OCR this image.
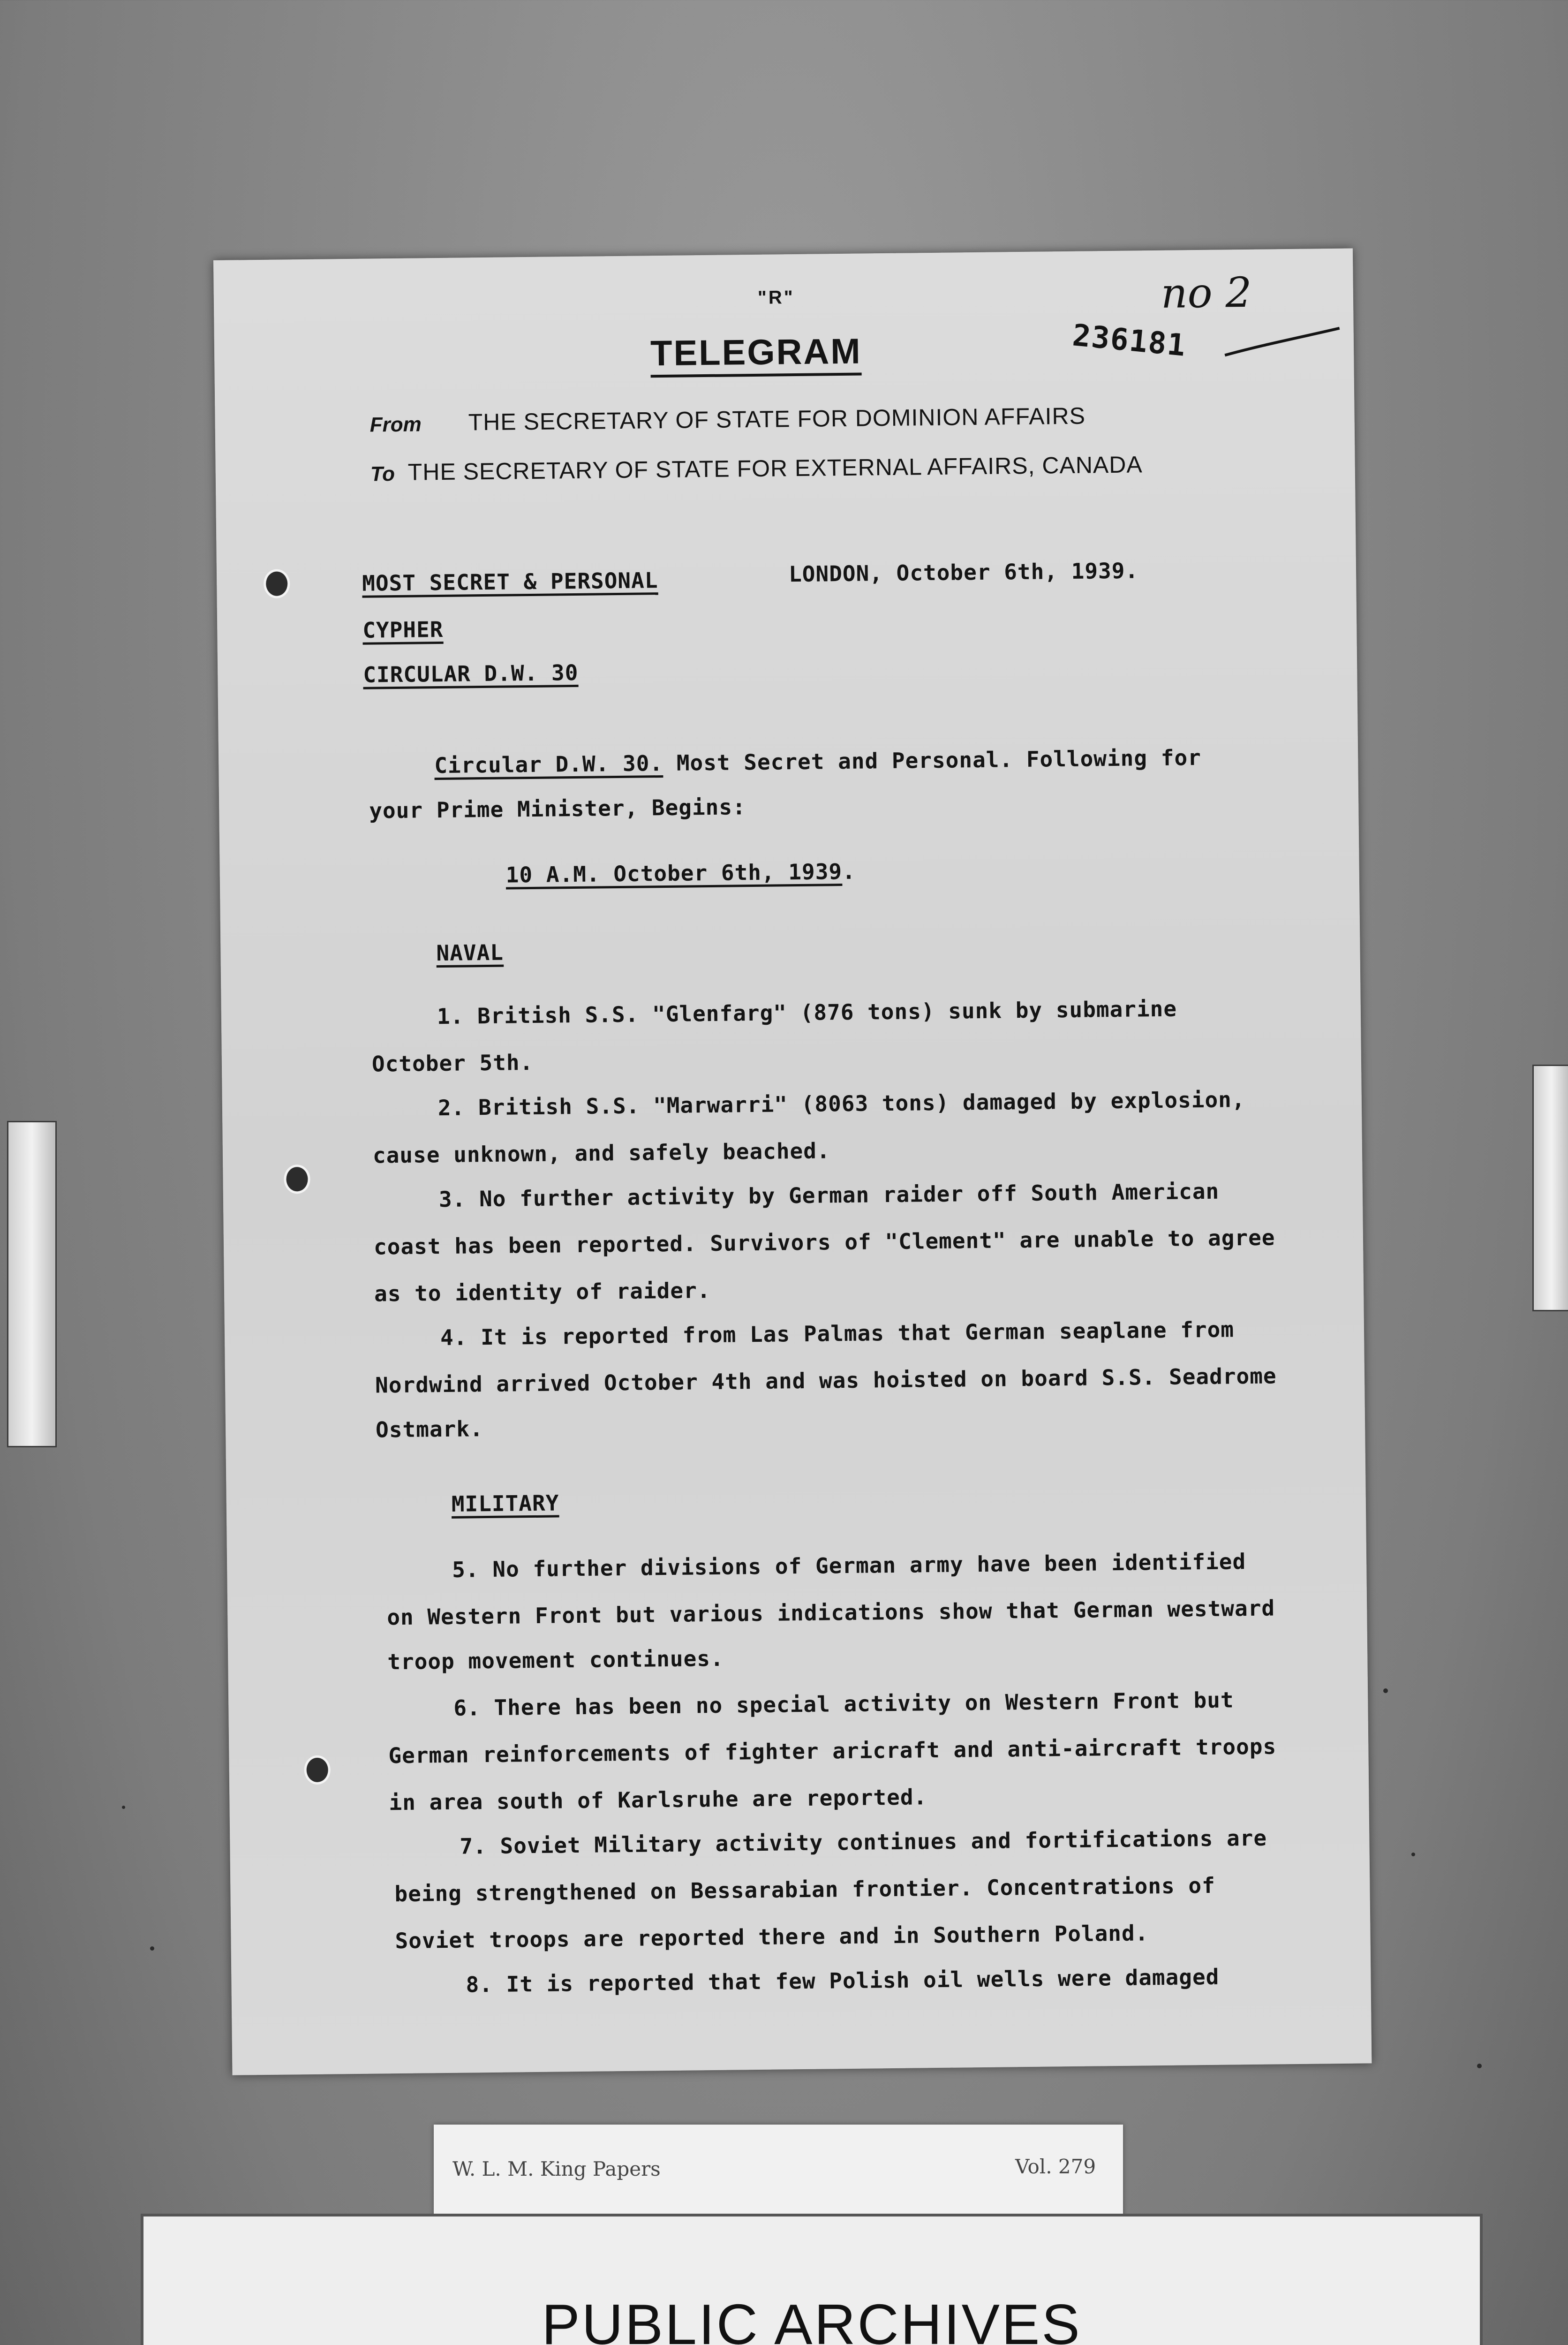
"R"
TELEGRAM	236181
no 2
From THE SECRETARY OF STATE FOR DOMINION AFFAIRS
To THE SECRETARY OF STATE FOR EXTERNAL AFFAIRS, CANADA
MOST SECRET & PERSONAL	LONDON, October 6th, 1939.
CYPHER
CIRCULAR D.W. 30
Circular D.W. 30. Most Secret and Personal. Following for
your Prime Minister, Begins:
10 A.M. October 6th, 1939.
NAVAL
1. British S.S. "Glenfarg" (876 tons) sunk by submarine
October 5th.
2. British S.S. "Marwarri" (8063 tons) damaged by explosion,
cause unknown, and safely beached.
3. No further activity by German raider off South American
coast has been reported. Survivors of "Clement" are unable to agree
as to identity of raider.
4. It is reported from Las Palmas that German seaplane from
Nordwind arrived October 4th and was hoisted on board S.S. Seadrome
Ostmark.
MILITARY
5. No further divisions of German army have been identified
on Western Front but various indications show that German westward
troop movement continues.
6. There has been no special activity on Western Front but
German reinforcements of fighter aricraft and anti-aircraft troops
in area south of Karlsruhe are reported.
7. Soviet Military activity continues and fortifications are
being strengthened on Bessarabian frontier. Concentrations of
Soviet troops are reported there and in Southern Poland.
8. It is reported that few Polish oil wells were damaged
W. L. M. King Papers	Vol. 279
PUBLIC ARCHIVES
